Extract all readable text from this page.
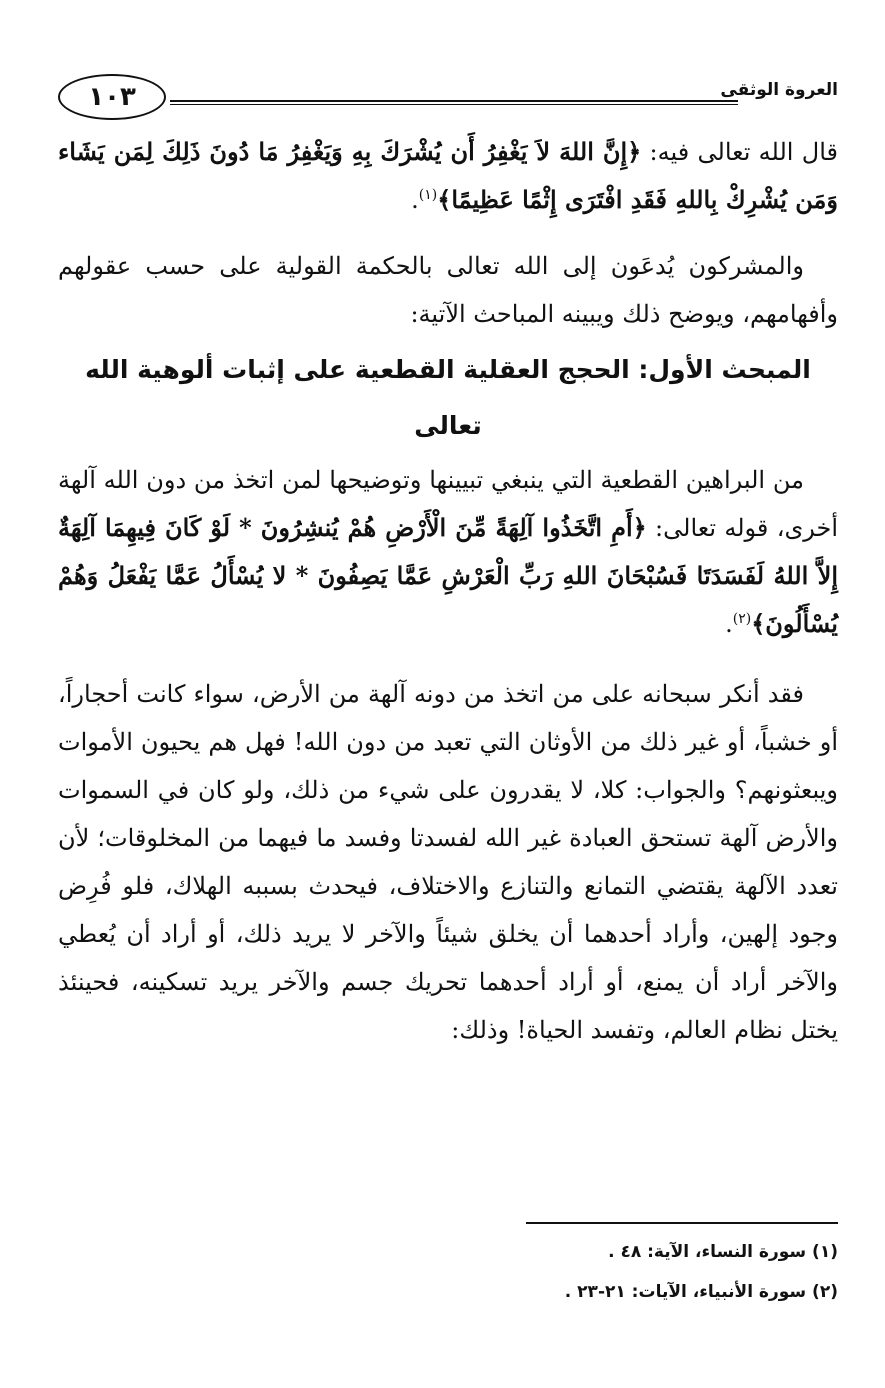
العروة الوثقى
١٠٣

قال الله تعالى فيه: ﴿إِنَّ اللهَ لاَ يَغْفِرُ أَن يُشْرَكَ بِهِ وَيَغْفِرُ مَا دُونَ ذَلِكَ لِمَن يَشَاء وَمَن يُشْرِكْ بِاللهِ فَقَدِ افْتَرَى إِثْمًا عَظِيمًا﴾$^{(١)}$.

والمشركون يُدعَون إلى الله تعالى بالحكمة القولية على حسب عقولهم وأفهامهم، ويوضح ذلك ويبينه المباحث الآتية:

المبحث الأول: الحجج العقلية القطعية على إثبات ألوهية الله تعالى

من البراهين القطعية التي ينبغي تبيينها وتوضيحها لمن اتخذ من دون الله آلهة أخرى، قوله تعالى: ﴿أَمِ اتَّخَذُوا آلِهَةً مِّنَ الْأَرْضِ هُمْ يُنشِرُونَ * لَوْ كَانَ فِيهِمَا آلِهَةٌ إِلاَّ اللهُ لَفَسَدَتَا فَسُبْحَانَ اللهِ رَبِّ الْعَرْشِ عَمَّا يَصِفُونَ * لا يُسْأَلُ عَمَّا يَفْعَلُ وَهُمْ يُسْأَلُونَ﴾$^{(٢)}$.

فقد أنكر سبحانه على من اتخذ من دونه آلهة من الأرض، سواء كانت أحجاراً، أو خشباً، أو غير ذلك من الأوثان التي تعبد من دون الله! فهل هم يحيون الأموات ويبعثونهم؟ والجواب: كلا، لا يقدرون على شيء من ذلك، ولو كان في السموات والأرض آلهة تستحق العبادة غير الله لفسدتا وفسد ما فيهما من المخلوقات؛ لأن تعدد الآلهة يقتضي التمانع والتنازع والاختلاف، فيحدث بسببه الهلاك، فلو فُرِض وجود إلهين، وأراد أحدهما أن يخلق شيئاً والآخر لا يريد ذلك، أو أراد أن يُعطي والآخر أراد أن يمنع، أو أراد أحدهما تحريك جسم والآخر يريد تسكينه، فحينئذ يختل نظام العالم، وتفسد الحياة! وذلك:

(١) سورة النساء، الآية: ٤٨ .
(٢) سورة الأنبياء، الآيات: ٢١-٢٣ .
